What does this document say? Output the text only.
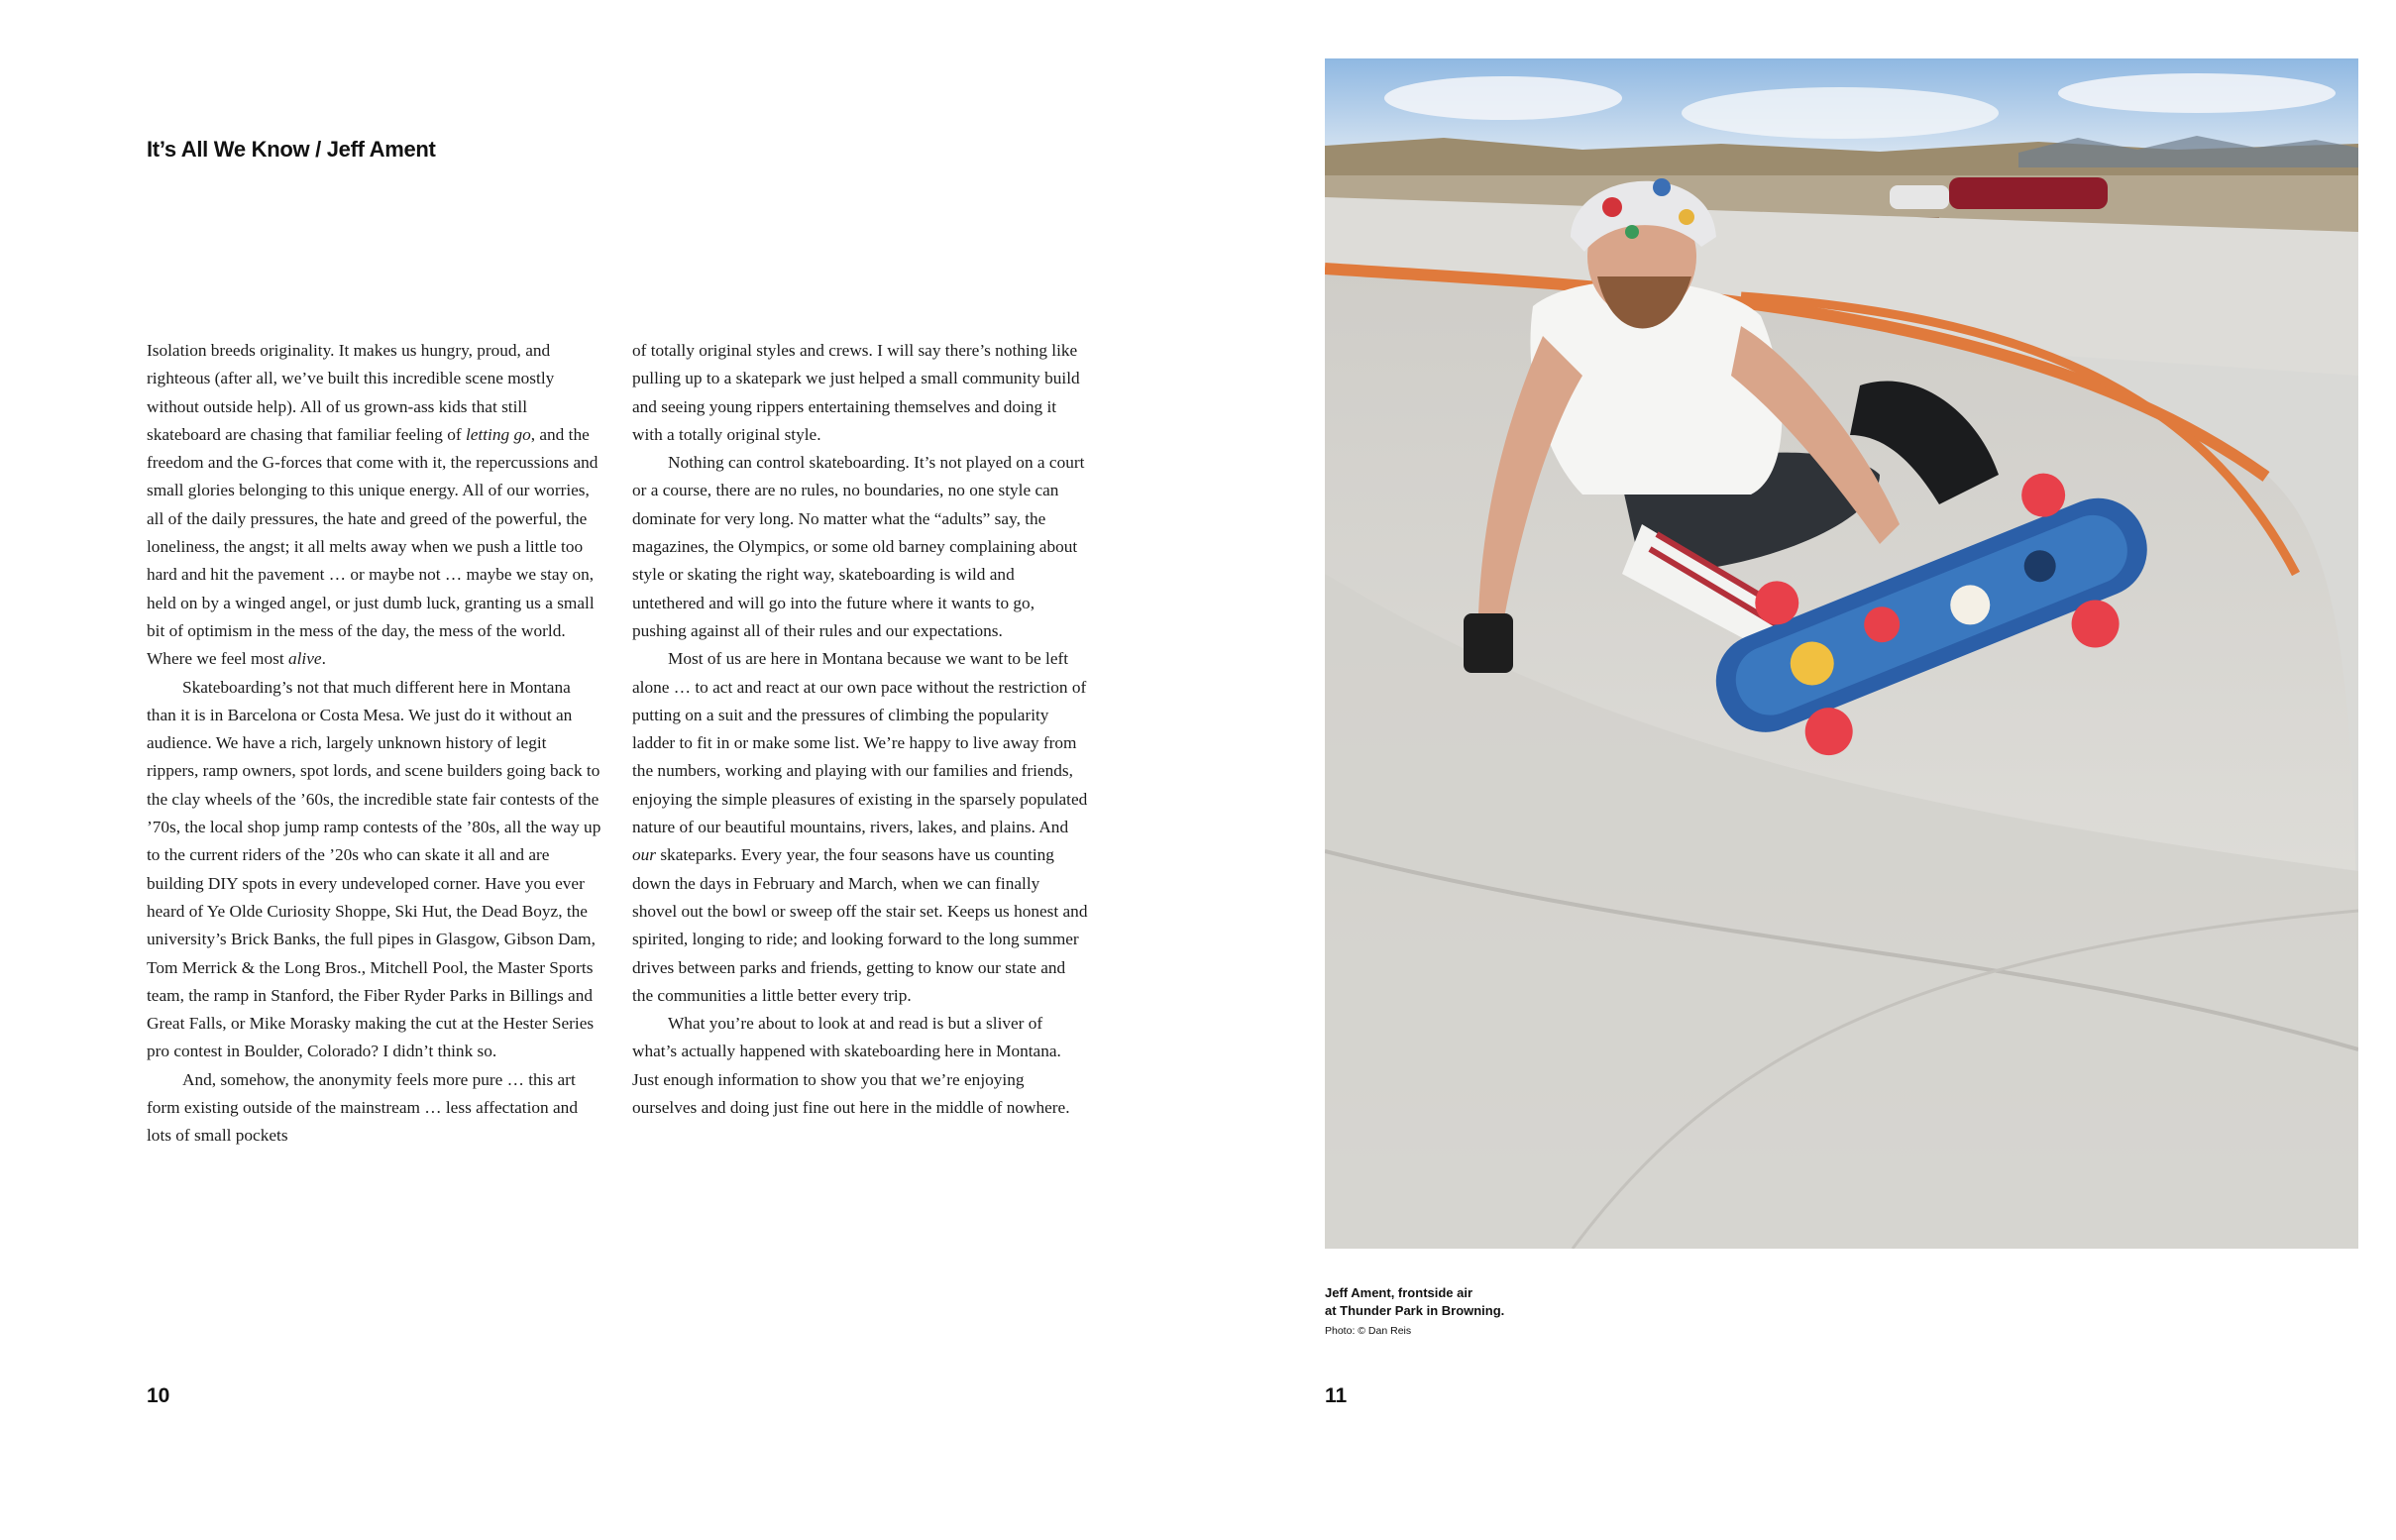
It’s All We Know / Jeff Ament

Isolation breeds originality. It makes us hungry, proud, and righteous (after all, we’ve built this incredible scene mostly without outside help). All of us grown-ass kids that still skateboard are chasing that familiar feeling of letting go, and the freedom and the G-forces that come with it, the repercussions and small glories belonging to this unique energy. All of our worries, all of the daily pressures, the hate and greed of the powerful, the loneliness, the angst; it all melts away when we push a little too hard and hit the pavement … or maybe not … maybe we stay on, held on by a winged angel, or just dumb luck, granting us a small bit of optimism in the mess of the day, the mess of the world. Where we feel most alive.

Skateboarding’s not that much different here in Montana than it is in Barcelona or Costa Mesa. We just do it without an audience. We have a rich, largely unknown history of legit rippers, ramp owners, spot lords, and scene builders going back to the clay wheels of the ’60s, the incredible state fair contests of the ’70s, the local shop jump ramp contests of the ’80s, all the way up to the current riders of the ’20s who can skate it all and are building DIY spots in every undeveloped corner. Have you ever heard of Ye Olde Curiosity Shoppe, Ski Hut, the Dead Boyz, the university’s Brick Banks, the full pipes in Glasgow, Gibson Dam, Tom Merrick & the Long Bros., Mitchell Pool, the Master Sports team, the ramp in Stanford, the Fiber Ryder Parks in Billings and Great Falls, or Mike Morasky making the cut at the Hester Series pro contest in Boulder, Colorado? I didn’t think so.

And, somehow, the anonymity feels more pure … this art form existing outside of the mainstream … less affectation and lots of small pockets

of totally original styles and crews. I will say there’s nothing like pulling up to a skatepark we just helped a small community build and seeing young rippers entertaining themselves and doing it with a totally original style.

Nothing can control skateboarding. It’s not played on a court or a course, there are no rules, no boundaries, no one style can dominate for very long. No matter what the “adults” say, the magazines, the Olympics, or some old barney complaining about style or skating the right way, skateboarding is wild and untethered and will go into the future where it wants to go, pushing against all of their rules and our expectations.

Most of us are here in Montana because we want to be left alone … to act and react at our own pace without the restriction of putting on a suit and the pressures of climbing the popularity ladder to fit in or make some list. We’re happy to live away from the numbers, working and playing with our families and friends, enjoying the simple pleasures of existing in the sparsely populated nature of our beautiful mountains, rivers, lakes, and plains. And our skateparks. Every year, the four seasons have us counting down the days in February and March, when we can finally shovel out the bowl or sweep off the stair set. Keeps us honest and spirited, longing to ride; and looking forward to the long summer drives between parks and friends, getting to know our state and the communities a little better every trip.

What you’re about to look at and read is but a sliver of what’s actually happened with skateboarding here in Montana. Just enough information to show you that we’re enjoying ourselves and doing just fine out here in the middle of nowhere.

10
Jeff Ament, frontside air
at Thunder Park in Browning.
Photo: © Dan Reis
11
